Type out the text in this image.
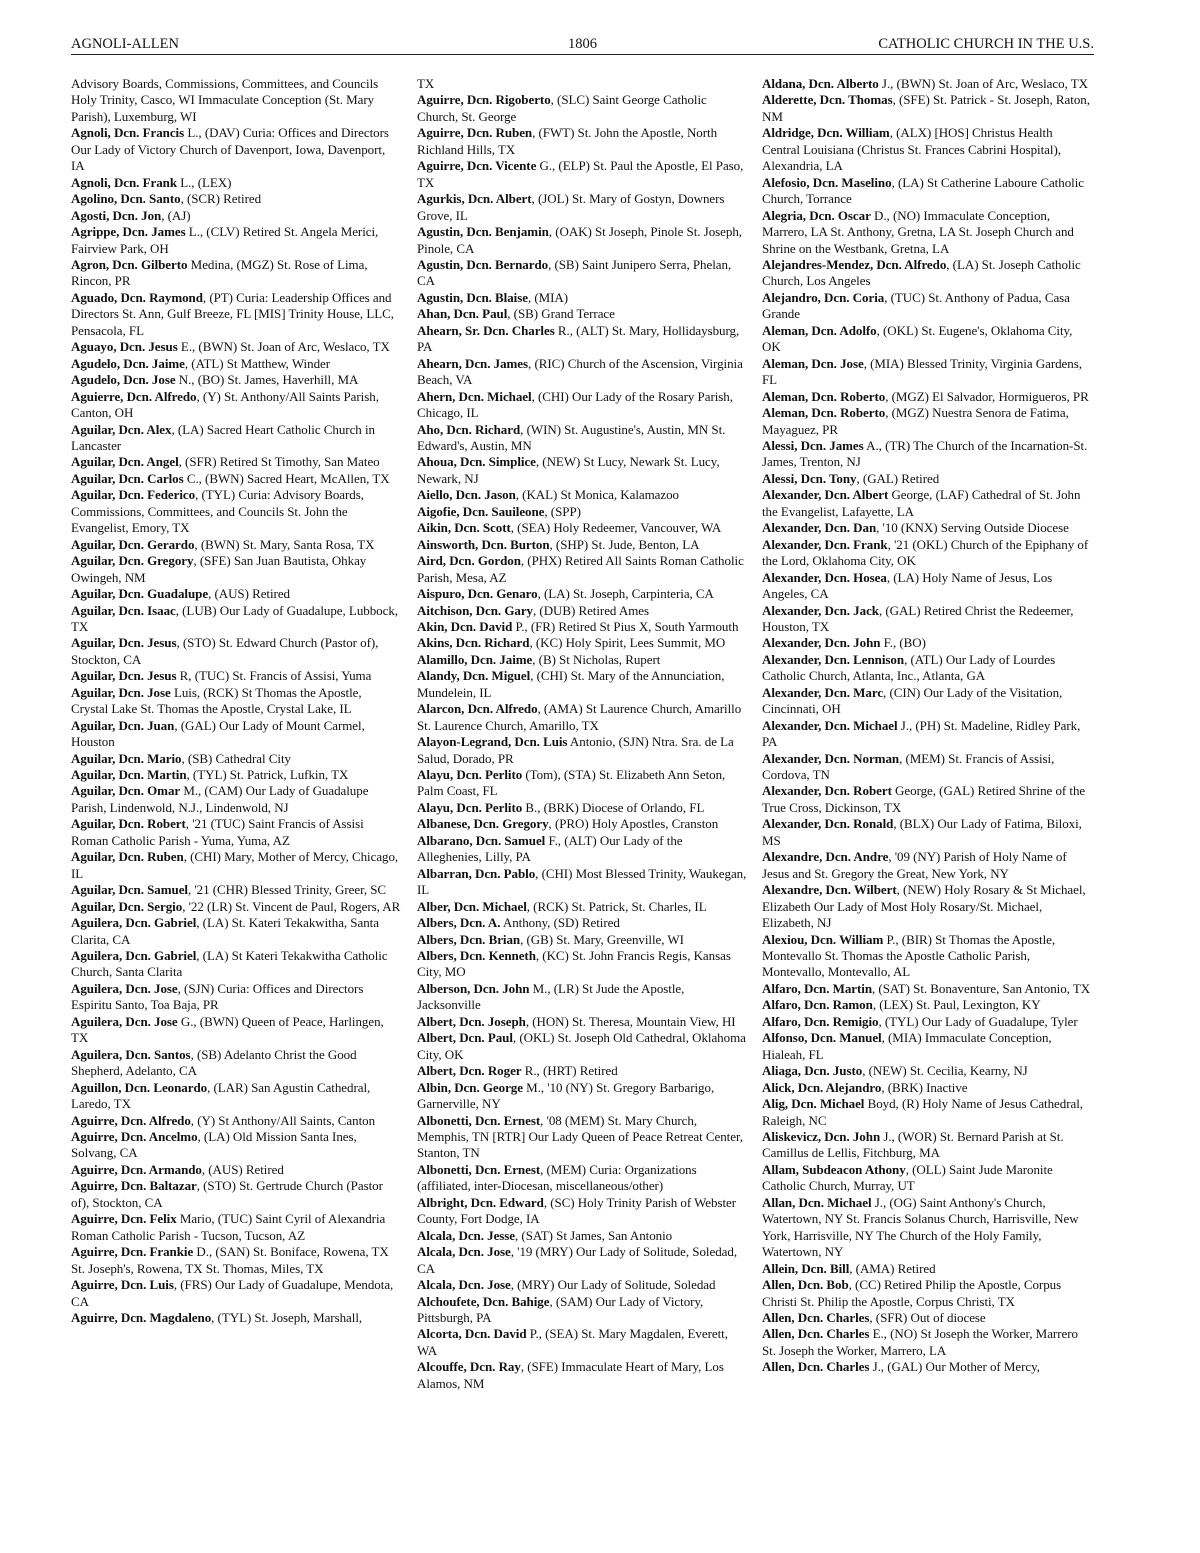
AGNOLI-ALLEN	1806	CATHOLIC CHURCH IN THE U.S.
Advisory Boards, Commissions, Committees, and Councils Holy Trinity, Casco, WI Immaculate Conception (St. Mary Parish), Luxemburg, WI
Agnoli, Dcn. Francis L., (DAV) Curia: Offices and Directors Our Lady of Victory Church of Davenport, Iowa, Davenport, IA
Agnoli, Dcn. Frank L., (LEX)
Agolino, Dcn. Santo, (SCR) Retired
Agosti, Dcn. Jon, (AJ)
Agrippe, Dcn. James L., (CLV) Retired St. Angela Merici, Fairview Park, OH
Agron, Dcn. Gilberto Medina, (MGZ) St. Rose of Lima, Rincon, PR
Aguado, Dcn. Raymond, (PT) Curia: Leadership Offices and Directors St. Ann, Gulf Breeze, FL [MIS] Trinity House, LLC, Pensacola, FL
Aguayo, Dcn. Jesus E., (BWN) St. Joan of Arc, Weslaco, TX
Agudelo, Dcn. Jaime, (ATL) St Matthew, Winder
Agudelo, Dcn. Jose N., (BO) St. James, Haverhill, MA
Aguierre, Dcn. Alfredo, (Y) St. Anthony/All Saints Parish, Canton, OH
Aguilar, Dcn. Alex, (LA) Sacred Heart Catholic Church in Lancaster
Aguilar, Dcn. Angel, (SFR) Retired St Timothy, San Mateo
Aguilar, Dcn. Carlos C., (BWN) Sacred Heart, McAllen, TX
Aguilar, Dcn. Federico, (TYL) Curia: Advisory Boards, Commissions, Committees, and Councils St. John the Evangelist, Emory, TX
Aguilar, Dcn. Gerardo, (BWN) St. Mary, Santa Rosa, TX
Aguilar, Dcn. Gregory, (SFE) San Juan Bautista, Ohkay Owingeh, NM
Aguilar, Dcn. Guadalupe, (AUS) Retired
Aguilar, Dcn. Isaac, (LUB) Our Lady of Guadalupe, Lubbock, TX
Aguilar, Dcn. Jesus, (STO) St. Edward Church (Pastor of), Stockton, CA
Aguilar, Dcn. Jesus R, (TUC) St. Francis of Assisi, Yuma
Aguilar, Dcn. Jose Luis, (RCK) St Thomas the Apostle, Crystal Lake St. Thomas the Apostle, Crystal Lake, IL
Aguilar, Dcn. Juan, (GAL) Our Lady of Mount Carmel, Houston
Aguilar, Dcn. Mario, (SB) Cathedral City
Aguilar, Dcn. Martin, (TYL) St. Patrick, Lufkin, TX
Aguilar, Dcn. Omar M., (CAM) Our Lady of Guadalupe Parish, Lindenwold, N.J., Lindenwold, NJ
Aguilar, Dcn. Robert, '21 (TUC) Saint Francis of Assisi Roman Catholic Parish - Yuma, Yuma, AZ
Aguilar, Dcn. Ruben, (CHI) Mary, Mother of Mercy, Chicago, IL
Aguilar, Dcn. Samuel, '21 (CHR) Blessed Trinity, Greer, SC
Aguilar, Dcn. Sergio, '22 (LR) St. Vincent de Paul, Rogers, AR
Aguilera, Dcn. Gabriel, (LA) St. Kateri Tekakwitha, Santa Clarita, CA
Aguilera, Dcn. Gabriel, (LA) St Kateri Tekakwitha Catholic Church, Santa Clarita
Aguilera, Dcn. Jose, (SJN) Curia: Offices and Directors Espiritu Santo, Toa Baja, PR
Aguilera, Dcn. Jose G., (BWN) Queen of Peace, Harlingen, TX
Aguilera, Dcn. Santos, (SB) Adelanto Christ the Good Shepherd, Adelanto, CA
Aguillon, Dcn. Leonardo, (LAR) San Agustin Cathedral, Laredo, TX
Aguirre, Dcn. Alfredo, (Y) St Anthony/All Saints, Canton
Aguirre, Dcn. Ancelmo, (LA) Old Mission Santa Ines, Solvang, CA
Aguirre, Dcn. Armando, (AUS) Retired
Aguirre, Dcn. Baltazar, (STO) St. Gertrude Church (Pastor of), Stockton, CA
Aguirre, Dcn. Felix Mario, (TUC) Saint Cyril of Alexandria Roman Catholic Parish - Tucson, Tucson, AZ
Aguirre, Dcn. Frankie D., (SAN) St. Boniface, Rowena, TX St. Joseph's, Rowena, TX St. Thomas, Miles, TX
Aguirre, Dcn. Luis, (FRS) Our Lady of Guadalupe, Mendota, CA
Aguirre, Dcn. Magdaleno, (TYL) St. Joseph, Marshall,
TX
Aguirre, Dcn. Rigoberto, (SLC) Saint George Catholic Church, St. George
Aguirre, Dcn. Ruben, (FWT) St. John the Apostle, North Richland Hills, TX
Aguirre, Dcn. Vicente G., (ELP) St. Paul the Apostle, El Paso, TX
Agurkis, Dcn. Albert, (JOL) St. Mary of Gostyn, Downers Grove, IL
Agustin, Dcn. Benjamin, (OAK) St Joseph, Pinole St. Joseph, Pinole, CA
Agustin, Dcn. Bernardo, (SB) Saint Junipero Serra, Phelan, CA
Agustin, Dcn. Blaise, (MIA)
Ahan, Dcn. Paul, (SB) Grand Terrace
Ahearn, Sr. Dcn. Charles R., (ALT) St. Mary, Hollidaysburg, PA
Ahearn, Dcn. James, (RIC) Church of the Ascension, Virginia Beach, VA
Ahern, Dcn. Michael, (CHI) Our Lady of the Rosary Parish, Chicago, IL
Aho, Dcn. Richard, (WIN) St. Augustine's, Austin, MN St. Edward's, Austin, MN
Ahoua, Dcn. Simplice, (NEW) St Lucy, Newark St. Lucy, Newark, NJ
Aiello, Dcn. Jason, (KAL) St Monica, Kalamazoo
Aigofie, Dcn. Sauileone, (SPP)
Aikin, Dcn. Scott, (SEA) Holy Redeemer, Vancouver, WA
Ainsworth, Dcn. Burton, (SHP) St. Jude, Benton, LA
Aird, Dcn. Gordon, (PHX) Retired All Saints Roman Catholic Parish, Mesa, AZ
Aispuro, Dcn. Genaro, (LA) St. Joseph, Carpinteria, CA
Aitchison, Dcn. Gary, (DUB) Retired Ames
Akin, Dcn. David P., (FR) Retired St Pius X, South Yarmouth
Akins, Dcn. Richard, (KC) Holy Spirit, Lees Summit, MO
Alamillo, Dcn. Jaime, (B) St Nicholas, Rupert
Alandy, Dcn. Miguel, (CHI) St. Mary of the Annunciation, Mundelein, IL
Alarcon, Dcn. Alfredo, (AMA) St Laurence Church, Amarillo St. Laurence Church, Amarillo, TX
Alayon-Legrand, Dcn. Luis Antonio, (SJN) Ntra. Sra. de La Salud, Dorado, PR
Alayu, Dcn. Perlito (Tom), (STA) St. Elizabeth Ann Seton, Palm Coast, FL
Alayu, Dcn. Perlito B., (BRK) Diocese of Orlando, FL
Albanese, Dcn. Gregory, (PRO) Holy Apostles, Cranston
Albarano, Dcn. Samuel F., (ALT) Our Lady of the Alleghenies, Lilly, PA
Albarran, Dcn. Pablo, (CHI) Most Blessed Trinity, Waukegan, IL
Alber, Dcn. Michael, (RCK) St. Patrick, St. Charles, IL
Albers, Dcn. A. Anthony, (SD) Retired
Albers, Dcn. Brian, (GB) St. Mary, Greenville, WI
Albers, Dcn. Kenneth, (KC) St. John Francis Regis, Kansas City, MO
Alberson, Dcn. John M., (LR) St Jude the Apostle, Jacksonville
Albert, Dcn. Joseph, (HON) St. Theresa, Mountain View, HI
Albert, Dcn. Paul, (OKL) St. Joseph Old Cathedral, Oklahoma City, OK
Albert, Dcn. Roger R., (HRT) Retired
Albin, Dcn. George M., '10 (NY) St. Gregory Barbarigo, Garnerville, NY
Albonetti, Dcn. Ernest, '08 (MEM) St. Mary Church, Memphis, TN [RTR] Our Lady Queen of Peace Retreat Center, Stanton, TN
Albonetti, Dcn. Ernest, (MEM) Curia: Organizations (affiliated, inter-Diocesan, miscellaneous/other)
Albright, Dcn. Edward, (SC) Holy Trinity Parish of Webster County, Fort Dodge, IA
Alcala, Dcn. Jesse, (SAT) St James, San Antonio
Alcala, Dcn. Jose, '19 (MRY) Our Lady of Solitude, Soledad, CA
Alcala, Dcn. Jose, (MRY) Our Lady of Solitude, Soledad
Alchoufete, Dcn. Bahige, (SAM) Our Lady of Victory, Pittsburgh, PA
Alcorta, Dcn. David P., (SEA) St. Mary Magdalen, Everett, WA
Alcouffe, Dcn. Ray, (SFE) Immaculate Heart of Mary, Los Alamos, NM
Aldana, Dcn. Alberto J., (BWN) St. Joan of Arc, Weslaco, TX
Alderette, Dcn. Thomas, (SFE) St. Patrick - St. Joseph, Raton, NM
Aldridge, Dcn. William, (ALX) [HOS] Christus Health Central Louisiana (Christus St. Frances Cabrini Hospital), Alexandria, LA
Alefosio, Dcn. Maselino, (LA) St Catherine Laboure Catholic Church, Torrance
Alegria, Dcn. Oscar D., (NO) Immaculate Conception, Marrero, LA St. Anthony, Gretna, LA St. Joseph Church and Shrine on the Westbank, Gretna, LA
Alejandres-Mendez, Dcn. Alfredo, (LA) St. Joseph Catholic Church, Los Angeles
Alejandro, Dcn. Coria, (TUC) St. Anthony of Padua, Casa Grande
Aleman, Dcn. Adolfo, (OKL) St. Eugene's, Oklahoma City, OK
Aleman, Dcn. Jose, (MIA) Blessed Trinity, Virginia Gardens, FL
Aleman, Dcn. Roberto, (MGZ) El Salvador, Hormigueros, PR
Aleman, Dcn. Roberto, (MGZ) Nuestra Senora de Fatima, Mayaguez, PR
Alessi, Dcn. James A., (TR) The Church of the Incarnation-St. James, Trenton, NJ
Alessi, Dcn. Tony, (GAL) Retired
Alexander, Dcn. Albert George, (LAF) Cathedral of St. John the Evangelist, Lafayette, LA
Alexander, Dcn. Dan, '10 (KNX) Serving Outside Diocese
Alexander, Dcn. Frank, '21 (OKL) Church of the Epiphany of the Lord, Oklahoma City, OK
Alexander, Dcn. Hosea, (LA) Holy Name of Jesus, Los Angeles, CA
Alexander, Dcn. Jack, (GAL) Retired Christ the Redeemer, Houston, TX
Alexander, Dcn. John F., (BO)
Alexander, Dcn. Lennison, (ATL) Our Lady of Lourdes Catholic Church, Atlanta, Inc., Atlanta, GA
Alexander, Dcn. Marc, (CIN) Our Lady of the Visitation, Cincinnati, OH
Alexander, Dcn. Michael J., (PH) St. Madeline, Ridley Park, PA
Alexander, Dcn. Norman, (MEM) St. Francis of Assisi, Cordova, TN
Alexander, Dcn. Robert George, (GAL) Retired Shrine of the True Cross, Dickinson, TX
Alexander, Dcn. Ronald, (BLX) Our Lady of Fatima, Biloxi, MS
Alexandre, Dcn. Andre, '09 (NY) Parish of Holy Name of Jesus and St. Gregory the Great, New York, NY
Alexandre, Dcn. Wilbert, (NEW) Holy Rosary & St Michael, Elizabeth Our Lady of Most Holy Rosary/St. Michael, Elizabeth, NJ
Alexiou, Dcn. William P., (BIR) St Thomas the Apostle, Montevallo St. Thomas the Apostle Catholic Parish, Montevallo, Montevallo, AL
Alfaro, Dcn. Martin, (SAT) St. Bonaventure, San Antonio, TX
Alfaro, Dcn. Ramon, (LEX) St. Paul, Lexington, KY
Alfaro, Dcn. Remigio, (TYL) Our Lady of Guadalupe, Tyler
Alfonso, Dcn. Manuel, (MIA) Immaculate Conception, Hialeah, FL
Aliaga, Dcn. Justo, (NEW) St. Cecilia, Kearny, NJ
Alick, Dcn. Alejandro, (BRK) Inactive
Alig, Dcn. Michael Boyd, (R) Holy Name of Jesus Cathedral, Raleigh, NC
Aliskevicz, Dcn. John J., (WOR) St. Bernard Parish at St. Camillus de Lellis, Fitchburg, MA
Allam, Subdeacon Athony, (OLL) Saint Jude Maronite Catholic Church, Murray, UT
Allan, Dcn. Michael J., (OG) Saint Anthony's Church, Watertown, NY St. Francis Solanus Church, Harrisville, New York, Harrisville, NY The Church of the Holy Family, Watertown, NY
Allein, Dcn. Bill, (AMA) Retired
Allen, Dcn. Bob, (CC) Retired Philip the Apostle, Corpus Christi St. Philip the Apostle, Corpus Christi, TX
Allen, Dcn. Charles, (SFR) Out of diocese
Allen, Dcn. Charles E., (NO) St Joseph the Worker, Marrero St. Joseph the Worker, Marrero, LA
Allen, Dcn. Charles J., (GAL) Our Mother of Mercy,
